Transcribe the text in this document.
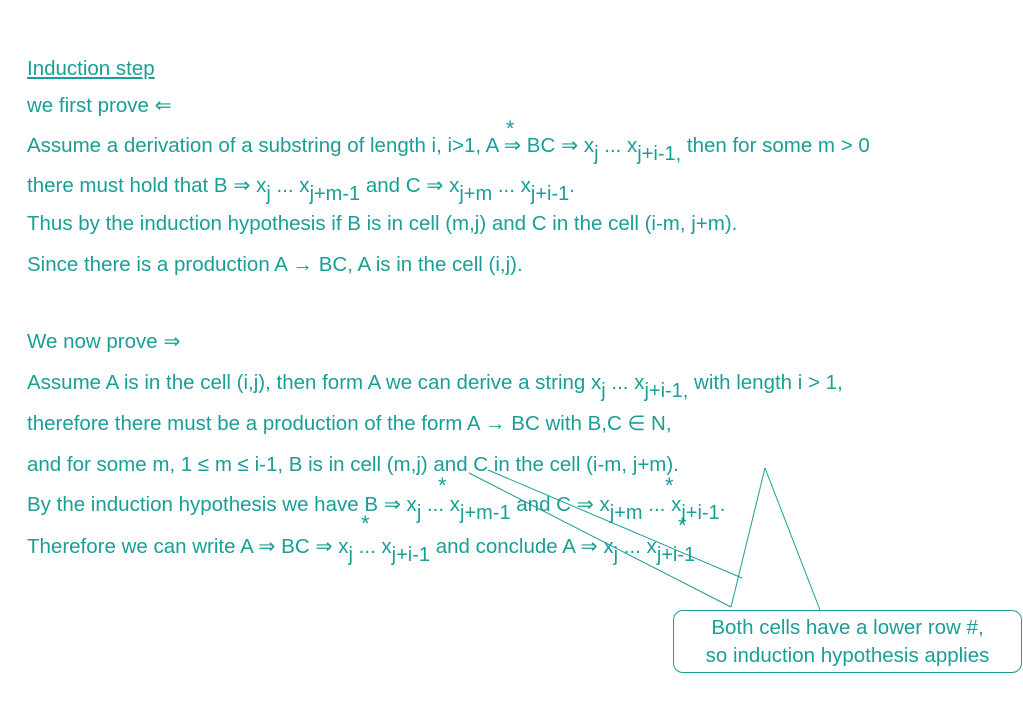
Induction step
we first prove ⇐
Assume a derivation of a substring of length i, i>1, A ⇒
*
BC ⇒ $x_j$ ... $x_{j+i-1,}$ then for some m > 0
there must hold that B ⇒ $x_j$ ... $x_{j+m-1}$ and C ⇒ $x_{j+m}$ ... $x_{j+i-1}$.
Thus by the induction hypothesis if B is in cell (m,j) and C in the cell (i-m, j+m).
Since there is a production A → BC, A is in the cell (i,j).
We now prove ⇒
Assume A is in the cell (i,j), then form A we can derive a string $x_j$ ... $x_{j+i-1,}$ with length i > 1,
therefore there must be a production of the form A → BC with B,C ∈ N,
and for some m, 1 ≤ m ≤ i-1, B is in cell (m,j) and C in the cell (i-m, j+m).
By the induction hypothesis we have B ⇒ $x_j$ ... $x_{j+m-1}$ and C ⇒ $x_{j+m}$ ... $x_{j+i-1}$.
Therefore we can write A ⇒ BC ⇒ $x_j$ ... $x_{j+i-1}$ and conclude A ⇒ $x_j$ ... $x_{j+i-1}$
*	*
*	*
Both cells have a lower row #,
so induction hypothesis applies
